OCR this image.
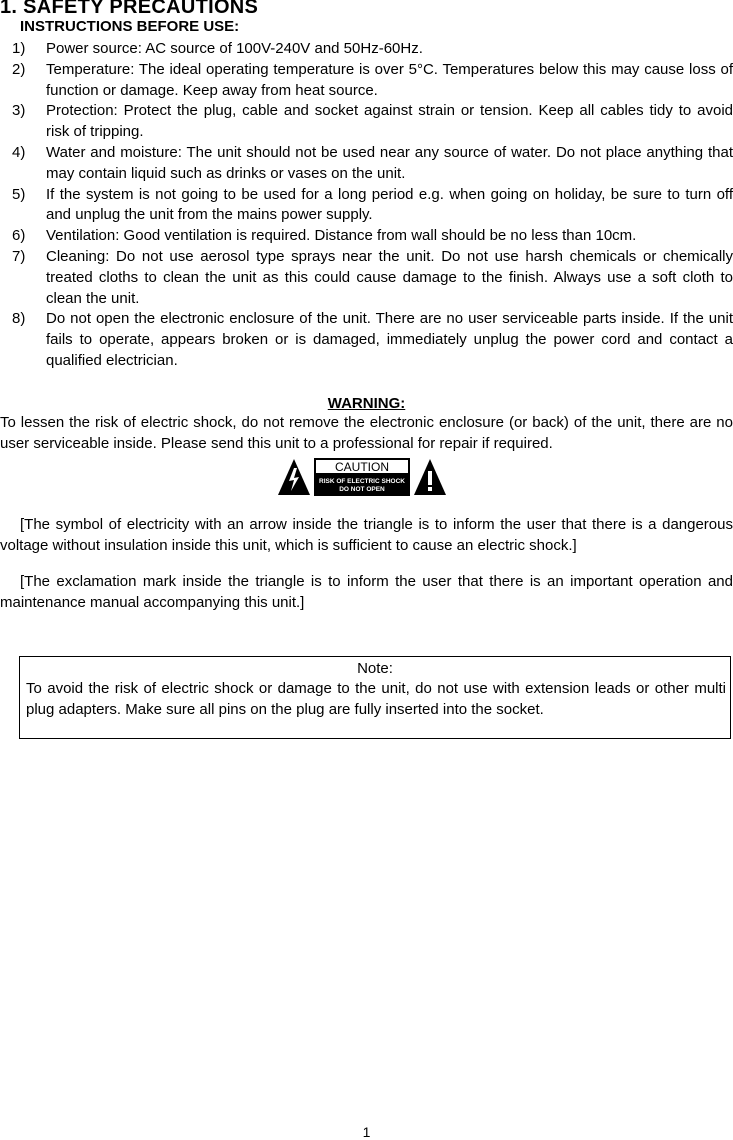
1. SAFETY PRECAUTIONS
INSTRUCTIONS BEFORE USE:
1) Power source: AC source of 100V-240V and 50Hz-60Hz.
2) Temperature: The ideal operating temperature is over 5°C. Temperatures below this may cause loss of function or damage. Keep away from heat source.
3) Protection: Protect the plug, cable and socket against strain or tension. Keep all cables tidy to avoid risk of tripping.
4) Water and moisture: The unit should not be used near any source of water. Do not place anything that may contain liquid such as drinks or vases on the unit.
5) If the system is not going to be used for a long period e.g. when going on holiday, be sure to turn off and unplug the unit from the mains power supply.
6) Ventilation: Good ventilation is required. Distance from wall should be no less than 10cm.
7) Cleaning: Do not use aerosol type sprays near the unit. Do not use harsh chemicals or chemically treated cloths to clean the unit as this could cause damage to the finish. Always use a soft cloth to clean the unit.
8) Do not open the electronic enclosure of the unit. There are no user serviceable parts inside. If the unit fails to operate, appears broken or is damaged, immediately unplug the power cord and contact a qualified electrician.
WARNING:
To lessen the risk of electric shock, do not remove the electronic enclosure (or back) of the unit, there are no user serviceable inside. Please send this unit to a professional for repair if required.
CAUTION
RISK OF ELECTRIC SHOCK
DO NOT OPEN
[The symbol of electricity with an arrow inside the triangle is to inform the user that there is a dangerous voltage without insulation inside this unit, which is sufficient to cause an electric shock.]
[The exclamation mark inside the triangle is to inform the user that there is an important operation and maintenance manual accompanying this unit.]
Note:
To avoid the risk of electric shock or damage to the unit, do not use with extension leads or other multi plug adapters. Make sure all pins on the plug are fully inserted into the socket.
1
